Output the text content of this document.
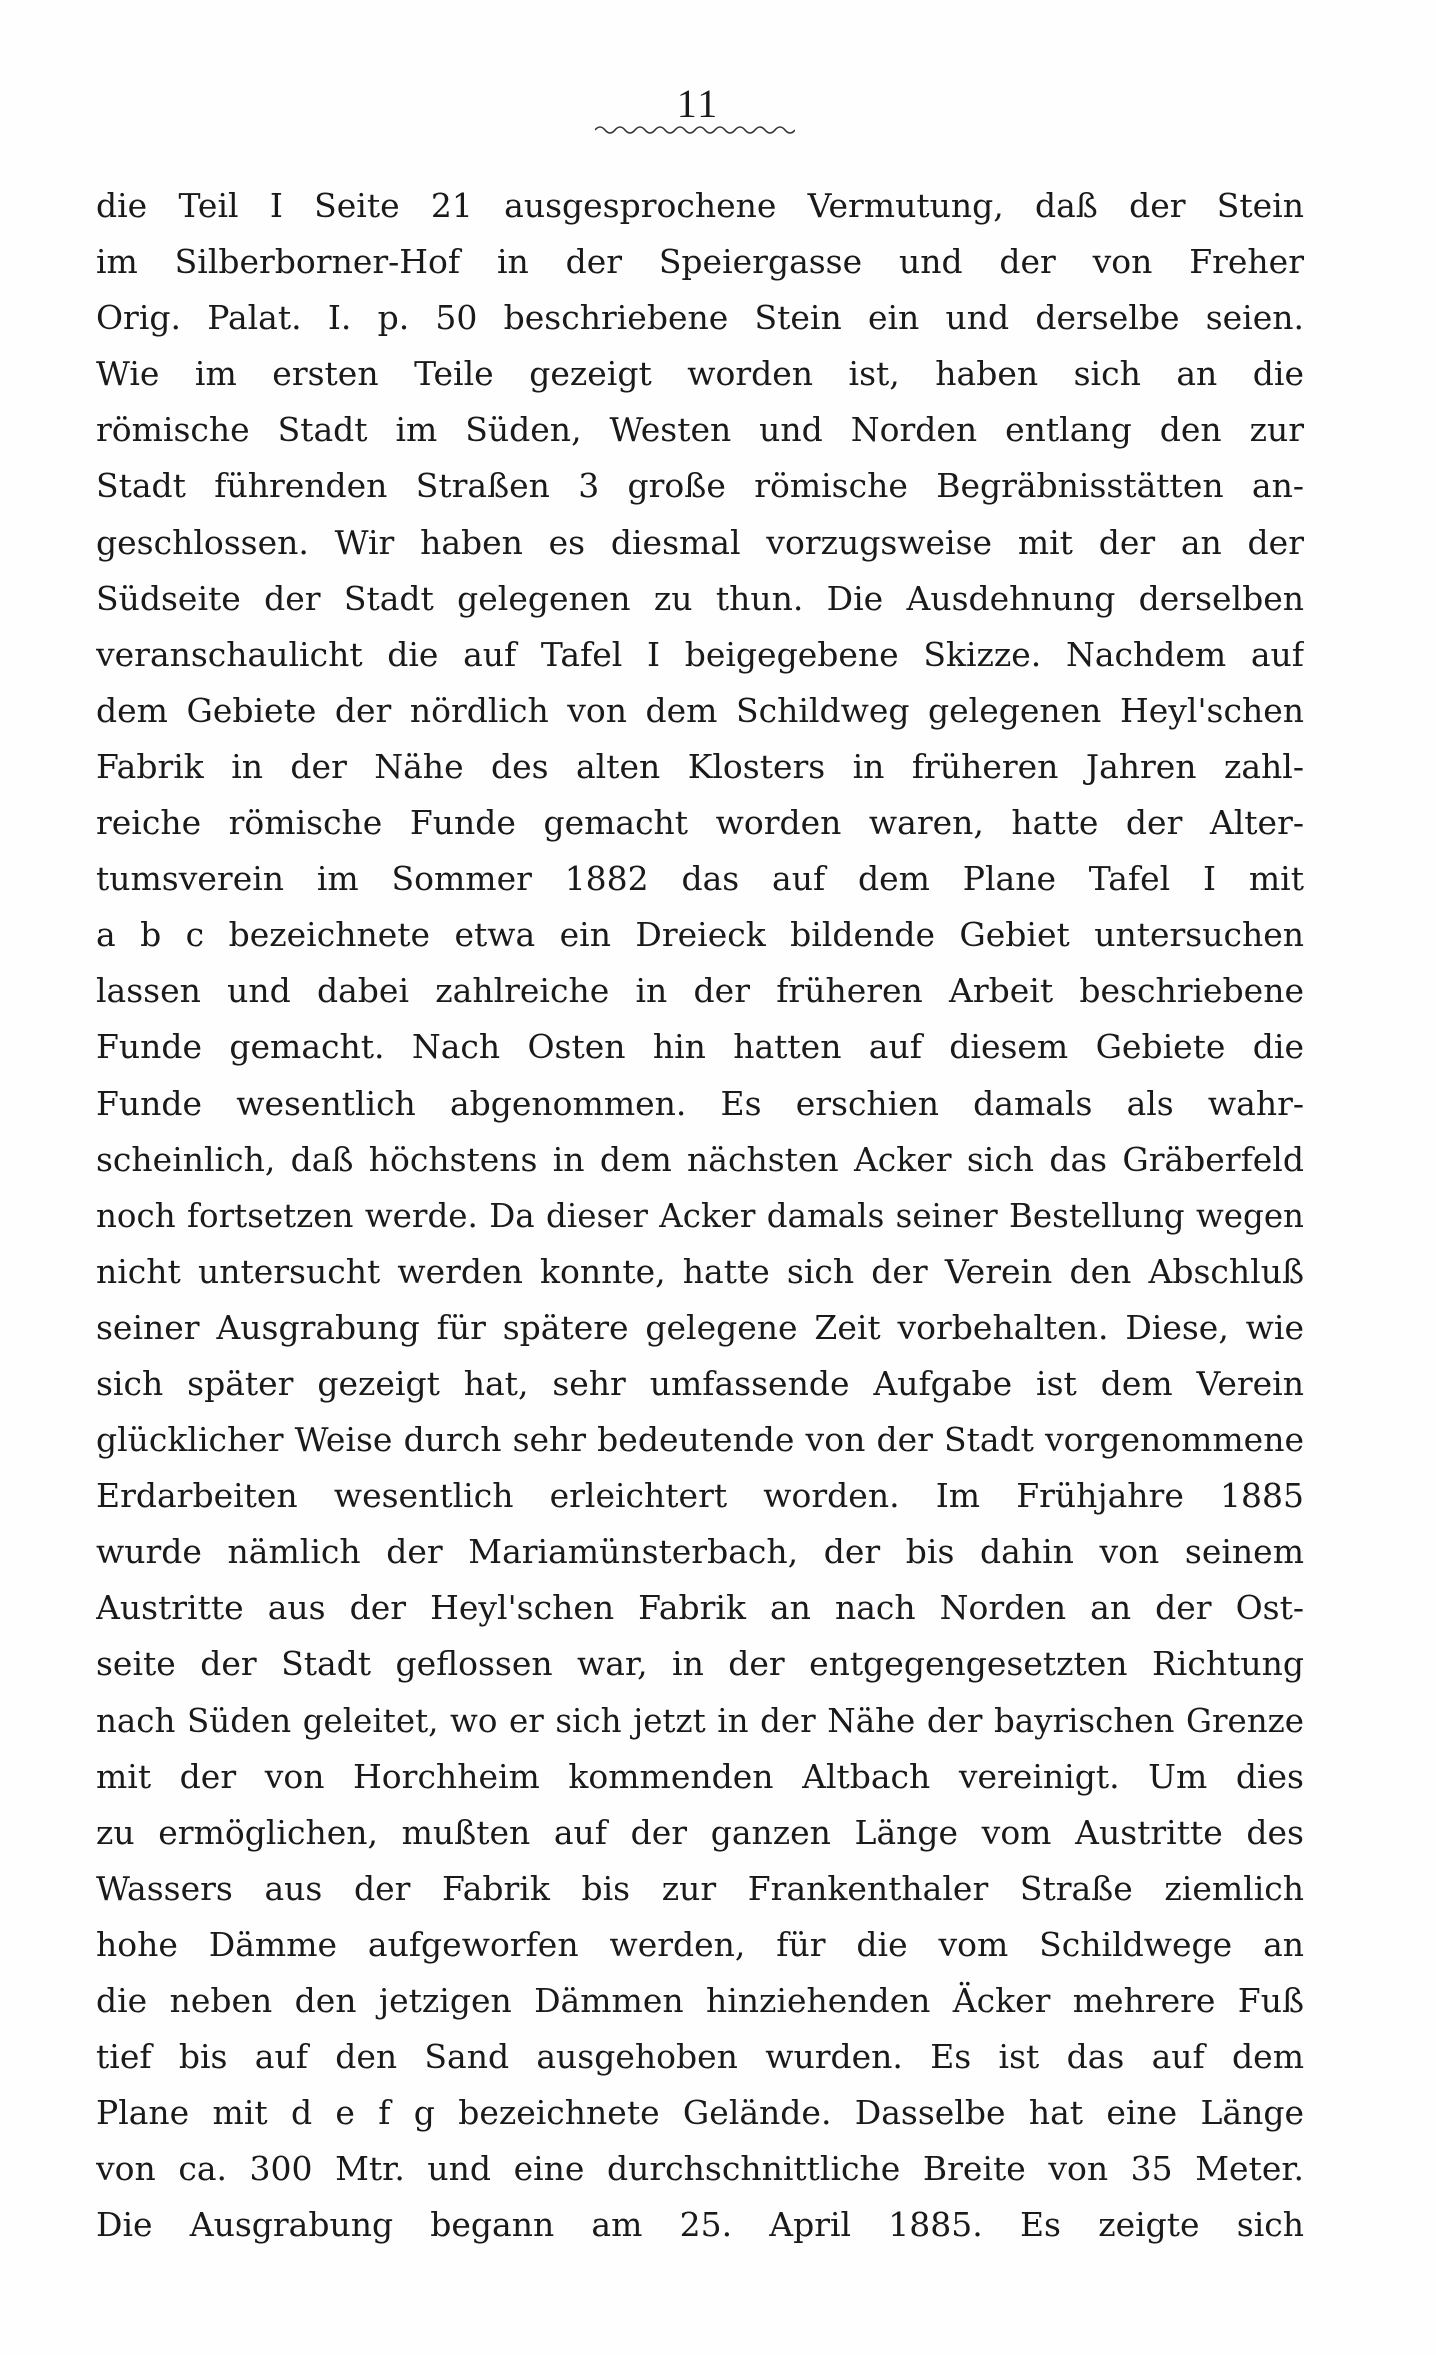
11
die Teil I Seite 21 ausgesprochene Vermutung, daß der Stein
im Silberborner-Hof in der Speiergasse und der von Freher
Orig. Palat. I. p. 50 beschriebene Stein ein und derselbe seien.
Wie im ersten Teile gezeigt worden ist, haben sich an die
römische Stadt im Süden, Westen und Norden entlang den zur
Stadt führenden Straßen 3 große römische Begräbnisstätten an-
geschlossen. Wir haben es diesmal vorzugsweise mit der an der
Südseite der Stadt gelegenen zu thun. Die Ausdehnung derselben
veranschaulicht die auf Tafel I beigegebene Skizze. Nachdem auf
dem Gebiete der nördlich von dem Schildweg gelegenen Heyl'schen
Fabrik in der Nähe des alten Klosters in früheren Jahren zahl-
reiche römische Funde gemacht worden waren, hatte der Alter-
tumsverein im Sommer 1882 das auf dem Plane Tafel I mit
a b c bezeichnete etwa ein Dreieck bildende Gebiet untersuchen
lassen und dabei zahlreiche in der früheren Arbeit beschriebene
Funde gemacht. Nach Osten hin hatten auf diesem Gebiete die
Funde wesentlich abgenommen. Es erschien damals als wahr-
scheinlich, daß höchstens in dem nächsten Acker sich das Gräberfeld
noch fortsetzen werde. Da dieser Acker damals seiner Bestellung wegen
nicht untersucht werden konnte, hatte sich der Verein den Abschluß
seiner Ausgrabung für spätere gelegene Zeit vorbehalten. Diese, wie
sich später gezeigt hat, sehr umfassende Aufgabe ist dem Verein
glücklicher Weise durch sehr bedeutende von der Stadt vorgenommene
Erdarbeiten wesentlich erleichtert worden. Im Frühjahre 1885
wurde nämlich der Mariamünsterbach, der bis dahin von seinem
Austritte aus der Heyl'schen Fabrik an nach Norden an der Ost-
seite der Stadt geflossen war, in der entgegengesetzten Richtung
nach Süden geleitet, wo er sich jetzt in der Nähe der bayrischen Grenze
mit der von Horchheim kommenden Altbach vereinigt. Um dies
zu ermöglichen, mußten auf der ganzen Länge vom Austritte des
Wassers aus der Fabrik bis zur Frankenthaler Straße ziemlich
hohe Dämme aufgeworfen werden, für die vom Schildwege an
die neben den jetzigen Dämmen hinziehenden Äcker mehrere Fuß
tief bis auf den Sand ausgehoben wurden. Es ist das auf dem
Plane mit d e f g bezeichnete Gelände. Dasselbe hat eine Länge
von ca. 300 Mtr. und eine durchschnittliche Breite von 35 Meter.
Die Ausgrabung begann am 25. April 1885. Es zeigte sich
